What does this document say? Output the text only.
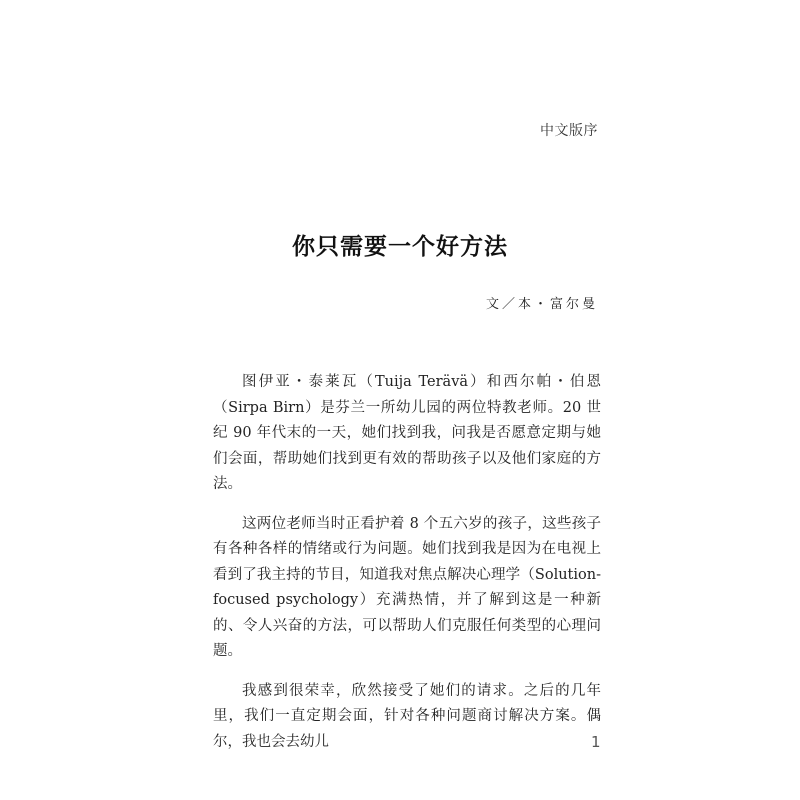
中文版序
你只需要一个好方法
文／本・富尔曼

图伊亚・泰莱瓦（Tuija Terävä）和西尔帕・伯恩（Sirpa Birn）是芬兰一所幼儿园的两位特教老师。20 世纪 90 年代末的一天，她们找到我，问我是否愿意定期与她们会面，帮助她们找到更有效的帮助孩子以及他们家庭的方法。

这两位老师当时正看护着 8 个五六岁的孩子，这些孩子有各种各样的情绪或行为问题。她们找到我是因为在电视上看到了我主持的节目，知道我对焦点解决心理学（Solution-focused psychology）充满热情，并了解到这是一种新的、令人兴奋的方法，可以帮助人们克服任何类型的心理问题。

我感到很荣幸，欣然接受了她们的请求。之后的几年里，我们一直定期会面，针对各种问题商讨解决方案。偶尔，我也会去幼儿	1
